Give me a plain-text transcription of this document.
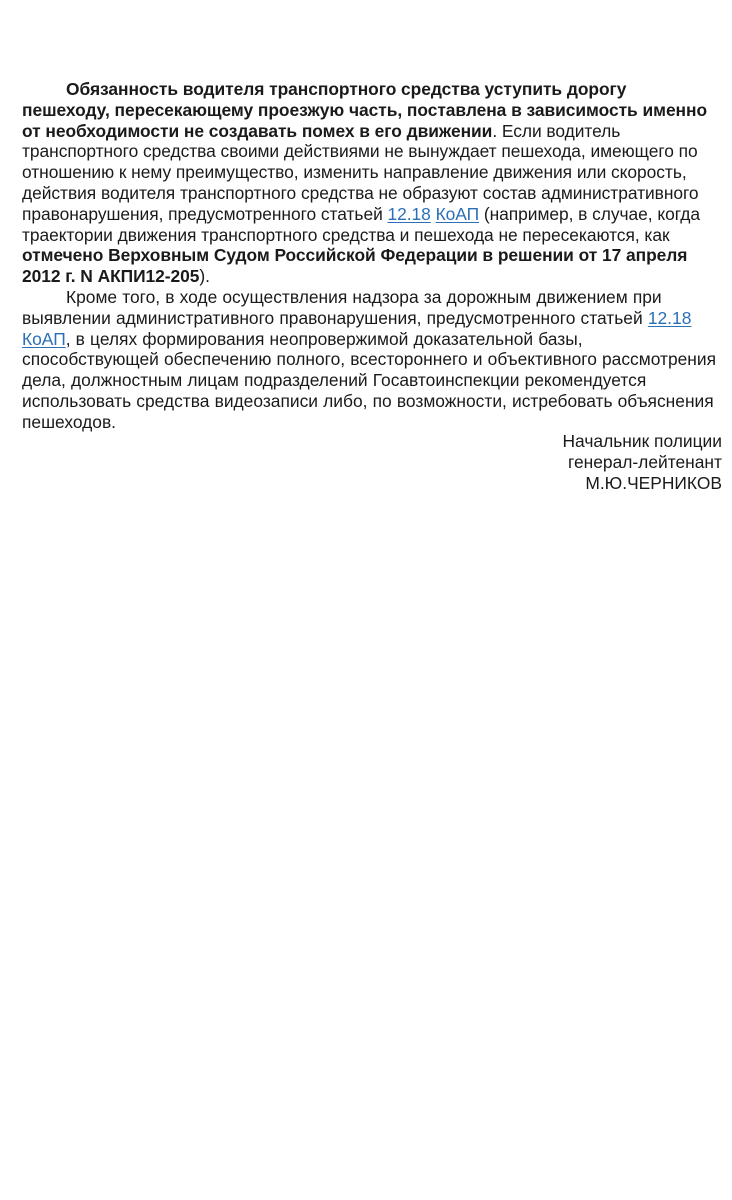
Обязанность водителя транспортного средства уступить дорогу пешеходу, пересекающему проезжую часть, поставлена в зависимость именно от необходимости не создавать помех в его движении. Если водитель транспортного средства своими действиями не вынуждает пешехода, имеющего по отношению к нему преимущество, изменить направление движения или скорость, действия водителя транспортного средства не образуют состав административного правонарушения, предусмотренного статьей 12.18 КоАП (например, в случае, когда траектории движения транспортного средства и пешехода не пересекаются, как отмечено Верховным Судом Российской Федерации в решении от 17 апреля 2012 г. N АКПИ12-205).

Кроме того, в ходе осуществления надзора за дорожным движением при выявлении административного правонарушения, предусмотренного статьей 12.18 КоАП, в целях формирования неопровержимой доказательной базы, способствующей обеспечению полного, всестороннего и объективного рассмотрения дела, должностным лицам подразделений Госавтоинспекции рекомендуется использовать средства видеозаписи либо, по возможности, истребовать объяснения пешеходов.

Начальник полиции
генерал-лейтенант
М.Ю.ЧЕРНИКОВ
